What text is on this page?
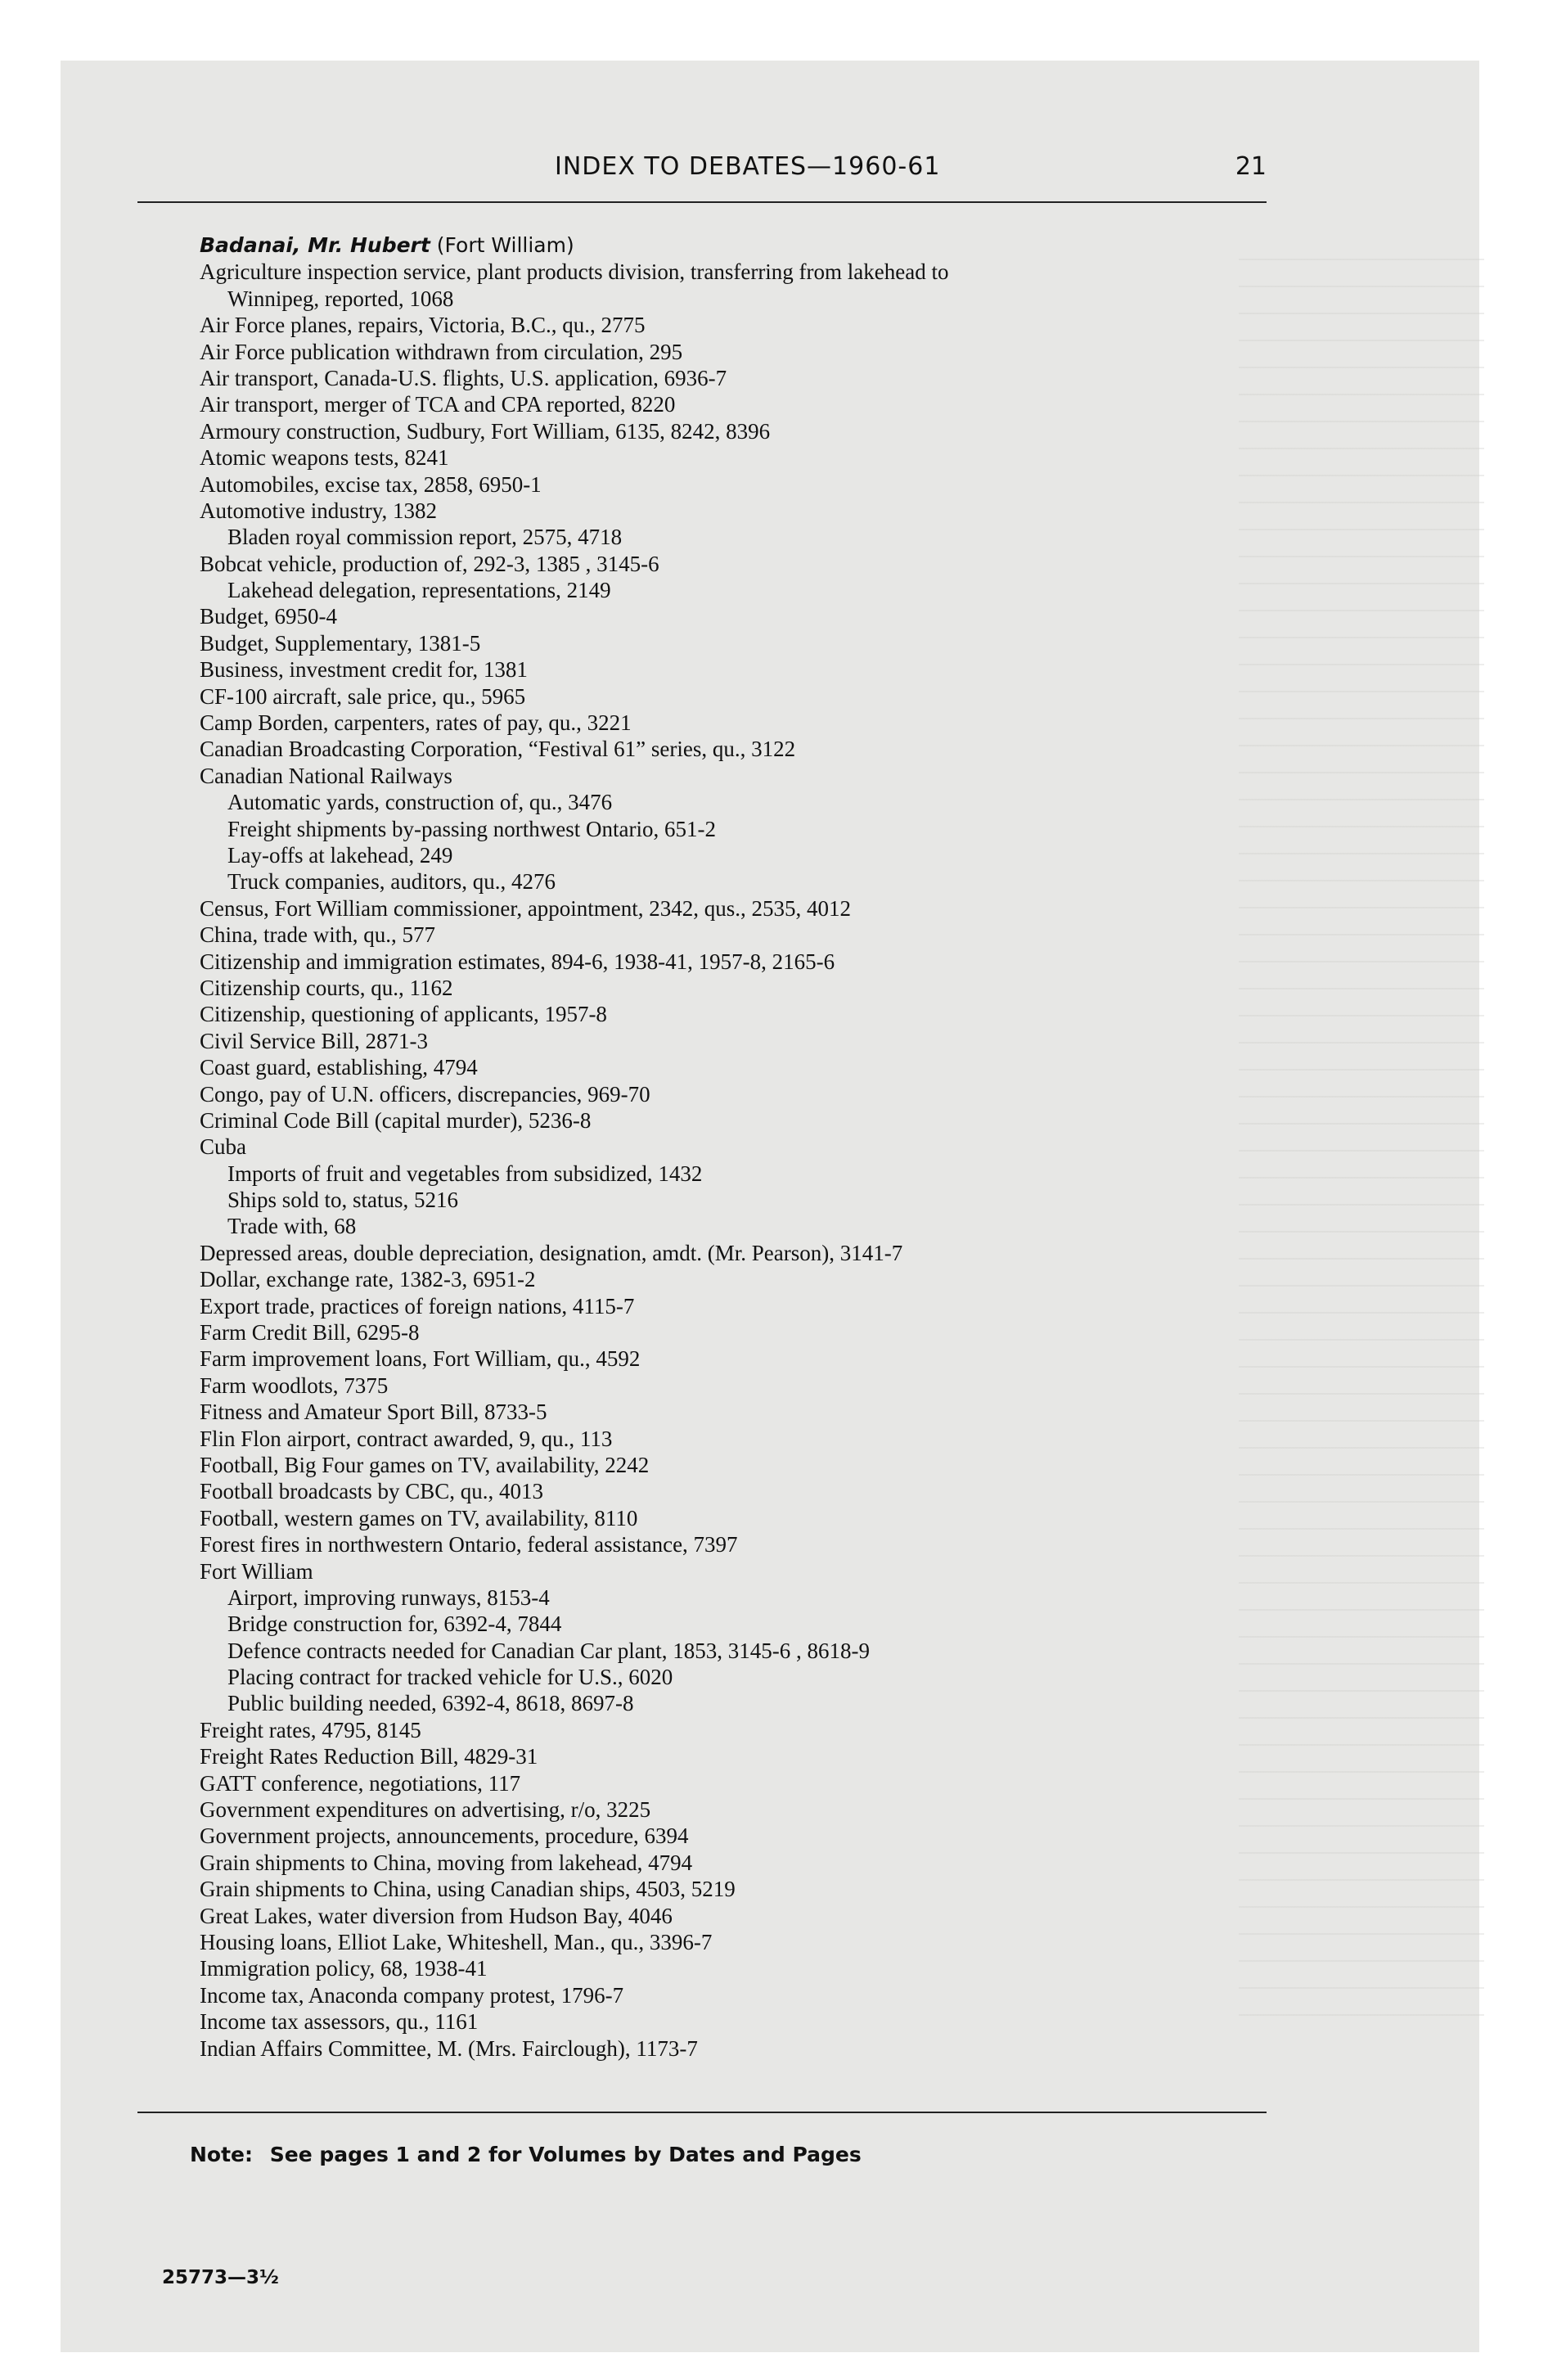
INDEX TO DEBATES—1960-61	21
Badanai, Mr. Hubert (Fort William)
Agriculture inspection service, plant products division, transferring from lakehead to
Winnipeg, reported, 1068
Air Force planes, repairs, Victoria, B.C., qu., 2775
Air Force publication withdrawn from circulation, 295
Air transport, Canada-U.S. flights, U.S. application, 6936-7
Air transport, merger of TCA and CPA reported, 8220
Armoury construction, Sudbury, Fort William, 6135, 8242, 8396
Atomic weapons tests, 8241
Automobiles, excise tax, 2858, 6950-1
Automotive industry, 1382
Bladen royal commission report, 2575, 4718
Bobcat vehicle, production of, 292-3, 1385 , 3145-6
Lakehead delegation, representations, 2149
Budget, 6950-4
Budget, Supplementary, 1381-5
Business, investment credit for, 1381
CF-100 aircraft, sale price, qu., 5965
Camp Borden, carpenters, rates of pay, qu., 3221
Canadian Broadcasting Corporation, “Festival 61” series, qu., 3122
Canadian National Railways
Automatic yards, construction of, qu., 3476
Freight shipments by-passing northwest Ontario, 651-2
Lay-offs at lakehead, 249
Truck companies, auditors, qu., 4276
Census, Fort William commissioner, appointment, 2342, qus., 2535, 4012
China, trade with, qu., 577
Citizenship and immigration estimates, 894-6, 1938-41, 1957-8, 2165-6
Citizenship courts, qu., 1162
Citizenship, questioning of applicants, 1957-8
Civil Service Bill, 2871-3
Coast guard, establishing, 4794
Congo, pay of U.N. officers, discrepancies, 969-70
Criminal Code Bill (capital murder), 5236-8
Cuba
Imports of fruit and vegetables from subsidized, 1432
Ships sold to, status, 5216
Trade with, 68
Depressed areas, double depreciation, designation, amdt. (Mr. Pearson), 3141-7
Dollar, exchange rate, 1382-3, 6951-2
Export trade, practices of foreign nations, 4115-7
Farm Credit Bill, 6295-8
Farm improvement loans, Fort William, qu., 4592
Farm woodlots, 7375
Fitness and Amateur Sport Bill, 8733-5
Flin Flon airport, contract awarded, 9, qu., 113
Football, Big Four games on TV, availability, 2242
Football broadcasts by CBC, qu., 4013
Football, western games on TV, availability, 8110
Forest fires in northwestern Ontario, federal assistance, 7397
Fort William
Airport, improving runways, 8153-4
Bridge construction for, 6392-4, 7844
Defence contracts needed for Canadian Car plant, 1853, 3145-6 , 8618-9
Placing contract for tracked vehicle for U.S., 6020
Public building needed, 6392-4, 8618, 8697-8
Freight rates, 4795, 8145
Freight Rates Reduction Bill, 4829-31
GATT conference, negotiations, 117
Government expenditures on advertising, r/o, 3225
Government projects, announcements, procedure, 6394
Grain shipments to China, moving from lakehead, 4794
Grain shipments to China, using Canadian ships, 4503, 5219
Great Lakes, water diversion from Hudson Bay, 4046
Housing loans, Elliot Lake, Whiteshell, Man., qu., 3396-7
Immigration policy, 68, 1938-41
Income tax, Anaconda company protest, 1796-7
Income tax assessors, qu., 1161
Indian Affairs Committee, M. (Mrs. Fairclough), 1173-7
Note: See pages 1 and 2 for Volumes by Dates and Pages
25773—3½
